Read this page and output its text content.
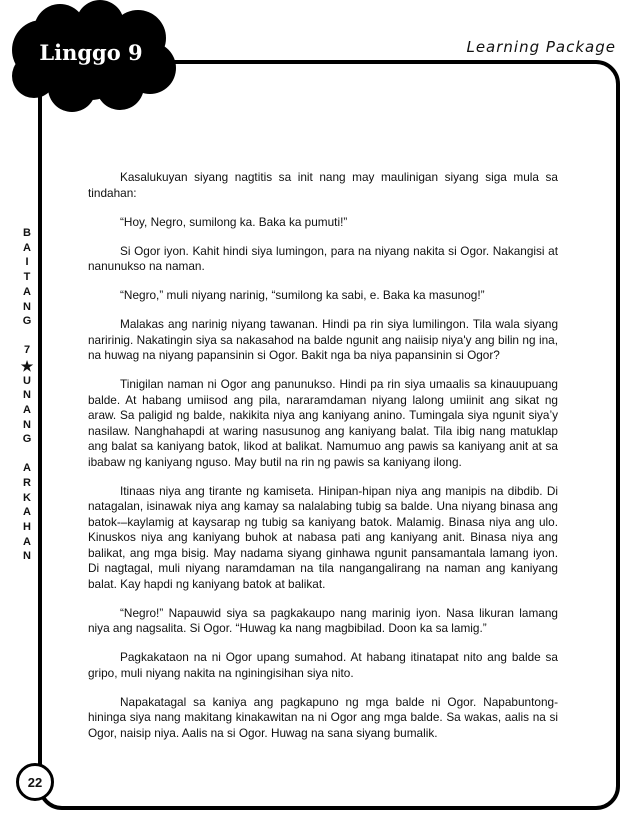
Linggo 9	Learning Package
B
A
I
T
A
N
G
7
★
U
N
A
N
G
A
R
K
A
H
A
N

Kasalukuyan siyang nagtitis sa init nang may maulinigan siyang siga mula sa tindahan:

“Hoy, Negro, sumilong ka. Baka ka pumuti!”

Si Ogor iyon. Kahit hindi siya lumingon, para na niyang nakita si Ogor. Nakangisi at nanunukso na naman.

“Negro,” muli niyang narinig, “sumilong ka sabi, e. Baka ka masunog!”

Malakas ang narinig niyang tawanan. Hindi pa rin siya lumilingon. Tila wala siyang naririnig. Nakatingin siya sa nakasahod na balde ngunit ang naiisip niya'y ang bilin ng ina, na huwag na niyang papansinin si Ogor. Bakit nga ba niya papansinin si Ogor?

Tinigilan naman ni Ogor ang panunukso. Hindi pa rin siya umaalis sa kinauupuang balde. At habang umiisod ang pila, nararamdaman niyang lalong umiinit ang sikat ng araw. Sa paligid ng balde, nakikita niya ang kaniyang anino. Tumingala siya ngunit siya’y nasilaw. Nanghahapdi at waring nasusunog ang kaniyang balat. Tila ibig nang matuklap ang balat sa kaniyang batok, likod at balikat. Namumuo ang pawis sa kaniyang anit at sa ibabaw ng kaniyang nguso. May butil na rin ng pawis sa kaniyang ilong.

Itinaas niya ang tirante ng kamiseta. Hinipan-hipan niya ang manipis na dibdib. Di natagalan, isinawak niya ang kamay sa nalalabing tubig sa balde. Una niyang binasa ang batok-–kaylamig at kaysarap ng tubig sa kaniyang batok. Malamig. Binasa niya ang ulo. Kinuskos niya ang kaniyang buhok at nabasa pati ang kaniyang anit. Binasa niya ang balikat, ang mga bisig. May nadama siyang ginhawa ngunit pansamantala lamang iyon. Di nagtagal, muli niyang naramdaman na tila nangangalirang na naman ang kaniyang balat. Kay hapdi ng kaniyang batok at balikat.

“Negro!” Napauwid siya sa pagkakaupo nang marinig iyon. Nasa likuran lamang niya ang nagsalita. Si Ogor. “Huwag ka nang magbibilad. Doon ka sa lamig.”

Pagkakataon na ni Ogor upang sumahod. At habang itinatapat nito ang balde sa gripo, muli niyang nakita na nginingisihan siya nito.

Napakatagal sa kaniya ang pagkapuno ng mga balde ni Ogor. Napabuntong-hininga siya nang makitang kinakawitan na ni Ogor ang mga balde. Sa wakas, aalis na si Ogor, naisip niya. Aalis na si Ogor. Huwag na sana siyang bumalik.

22
